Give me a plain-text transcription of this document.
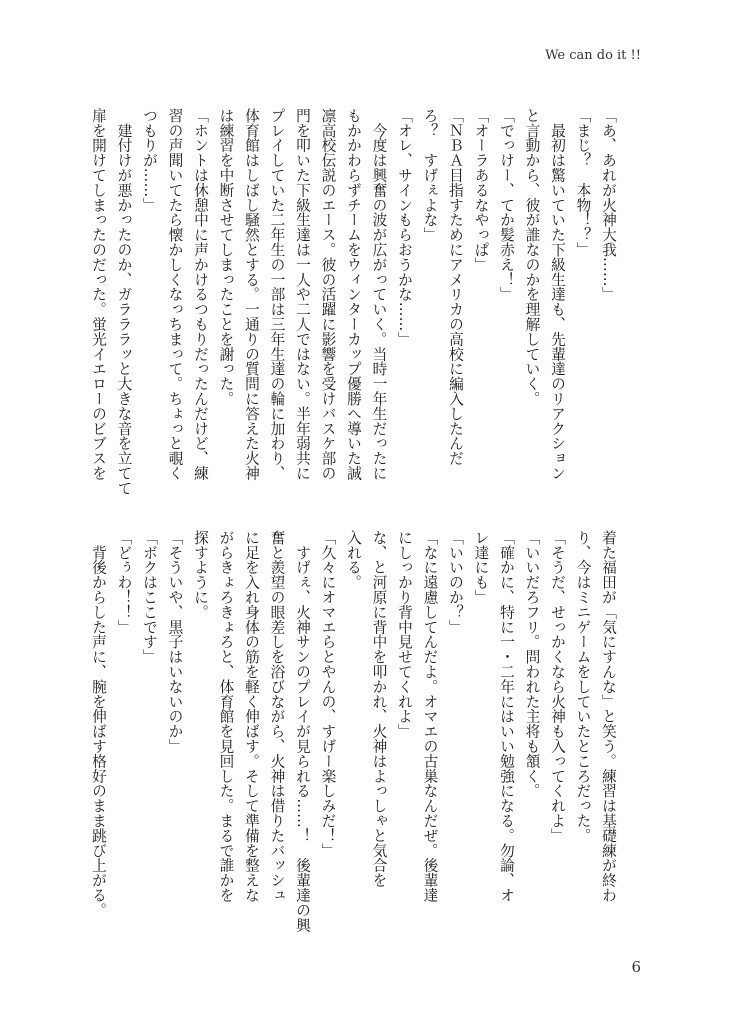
We can do it !!
「あ、あれが火神大我……」
「まじ？　本物！？」
　最初は驚いていた下級生達も、先輩達のリアクション
と言動から、彼が誰なのかを理解していく。
「でっけー、てか髪赤え！」
「オーラあるなやっぱ」
「ＮＢＡ目指すためにアメリカの高校に編入したんだ
ろ？　すげぇよな」
「オレ、サインもらおうかな……」
　今度は興奮の波が広がっていく。当時一年生だったに
もかかわらずチームをウィンターカップ優勝へ導いた誠
凛高校伝説のエース。彼の活躍に影響を受けバスケ部の
門を叩いた下級生達は一人や二人ではない。半年弱共に
プレイしていた二年生の一部は三年生達の輪に加わり、
体育館はしばし騒然とする。一通りの質問に答えた火神
は練習を中断させてしまったことを謝った。
「ホントは休憩中に声かけるつもりだったんだけど、練
習の声聞いてたら懐かしくなっちまって。ちょっと覗く
つもりが……」
　建付けが悪かったのか、ガラララッと大きな音を立てて
扉を開けてしまったのだった。蛍光イエローのビブスを
着た福田が「気にすんな」と笑う。練習は基礎練が終わ
り、今はミニゲームをしていたところだった。
「そうだ、せっかくなら火神も入ってくれよ」
「いいだろフリ。問われた主将も頷く。
「確かに、特に一・二年にはいい勉強になる。勿論、オ
レ達にも」
「いいのか？」
「なに遠慮してんだよ。オマエの古巣なんだぜ。後輩達
にしっかり背中見せてくれよ」
な、と河原に背中を叩かれ、火神はよっしゃと気合を
入れる。
「久々にオマエらとやんの、すげー楽しみだ！」
　すげぇ、火神サンのプレイが見られる……！　後輩達の興
奮と羨望の眼差しを浴びながら、火神は借りたバッシュ
に足を入れ身体の筋を軽く伸ばす。そして準備を整えな
がらきょろきょろと、体育館を見回した。まるで誰かを
探すように。
「そういや、黒子はいないのか」
「ボクはここです」
「どぅわ！！」
　背後からした声に、腕を伸ばす格好のまま跳び上がる。
6
